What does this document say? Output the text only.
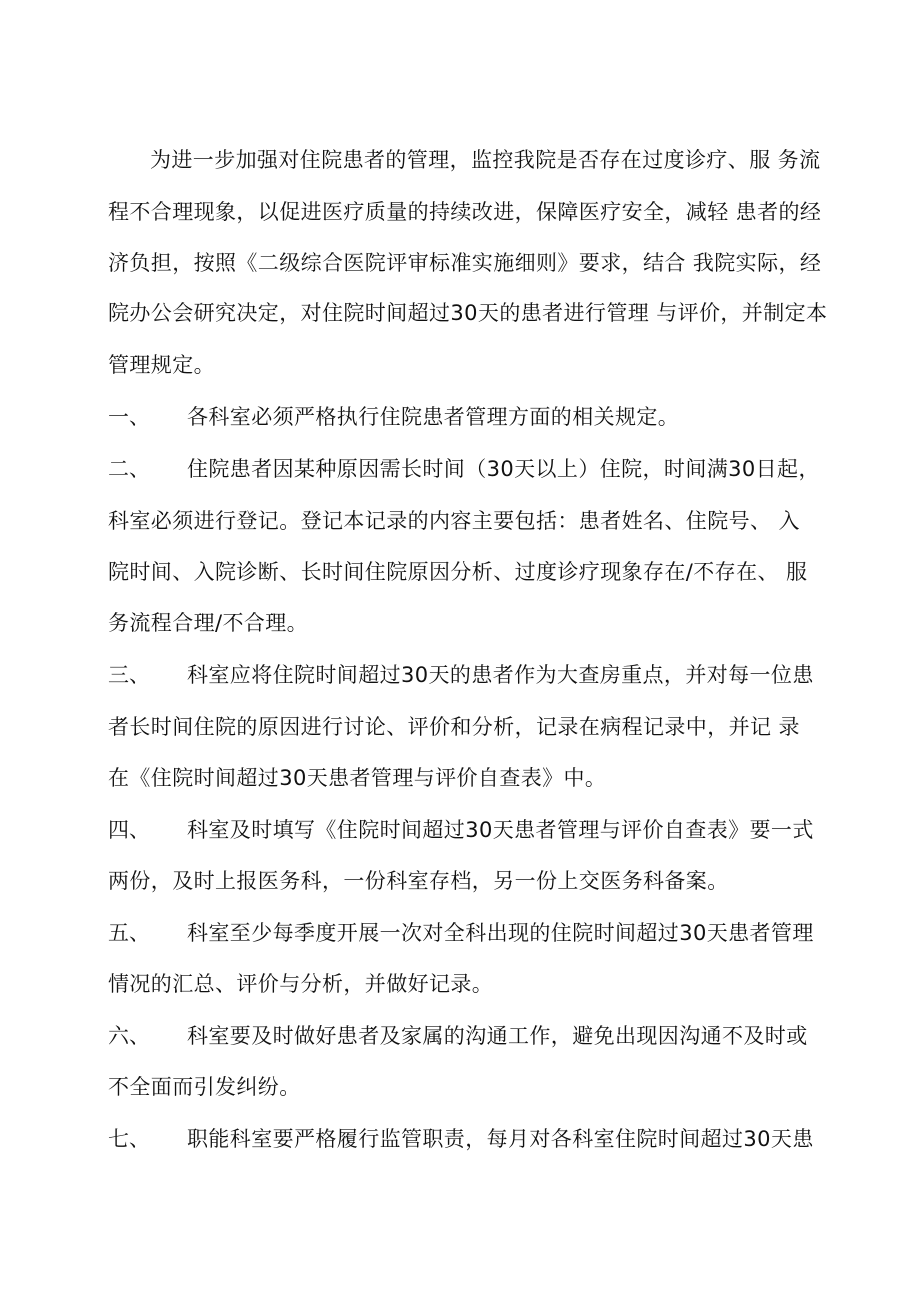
为进一步加强对住院患者的管理，监控我院是否存在过度诊疗、服 务流
程不合理现象，以促进医疗质量的持续改进，保障医疗安全，减轻 患者的经
济负担，按照《二级综合医院评审标准实施细则》要求，结合 我院实际，经
院办公会研究决定，对住院时间超过30天的患者进行管理 与评价，并制定本
管理规定。
一、 各科室必须严格执行住院患者管理方面的相关规定。
二、 住院患者因某种原因需长时间（30天以上）住院，时间满30日起，
科室必须进行登记。登记本记录的内容主要包括：患者姓名、住院号、 入
院时间、入院诊断、长时间住院原因分析、过度诊疗现象存在/不存在、 服
务流程合理/不合理。
三、 科室应将住院时间超过30天的患者作为大查房重点，并对每一位患
者长时间住院的原因进行讨论、评价和分析，记录在病程记录中，并记 录
在《住院时间超过30天患者管理与评价自查表》中。
四、 科室及时填写《住院时间超过30天患者管理与评价自查表》要一式
两份，及时上报医务科，一份科室存档，另一份上交医务科备案。
五、 科室至少每季度开展一次对全科出现的住院时间超过30天患者管理
情况的汇总、评价与分析，并做好记录。
六、 科室要及时做好患者及家属的沟通工作，避免出现因沟通不及时或
不全面而引发纠纷。
七、 职能科室要严格履行监管职责，每月对各科室住院时间超过30天患
